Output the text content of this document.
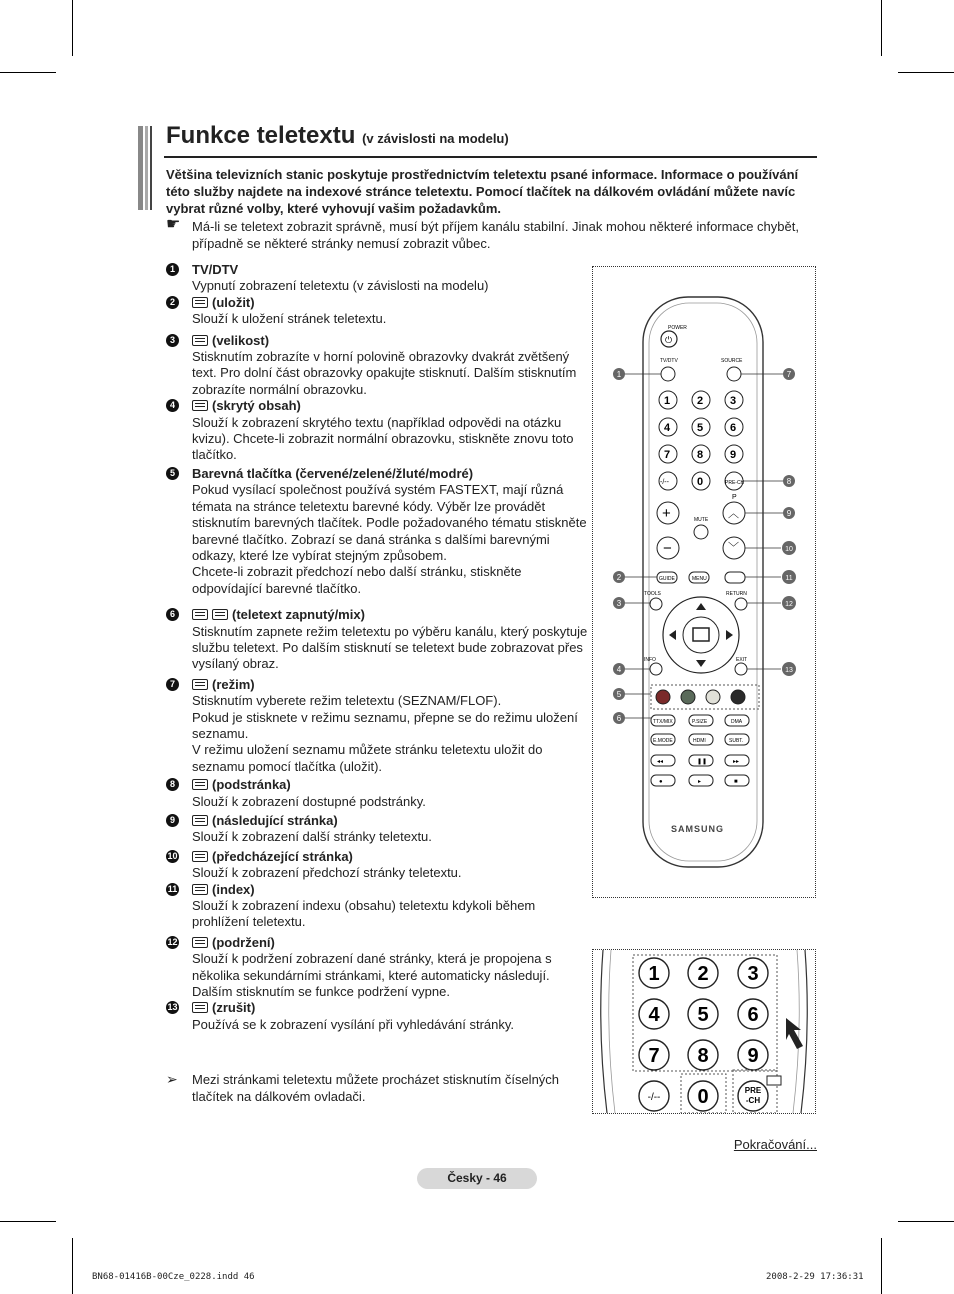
Funkce teletextu (v závislosti na modelu)
Většina televizních stanic poskytuje prostřednictvím teletextu psané informace. Informace o používání této služby najdete na indexové stránce teletextu. Pomocí tlačítek na dálkovém ovládání můžete navíc vybrat různé volby, které vyhovují vašim požadavkům.
☛ Má-li se teletext zobrazit správně, musí být příjem kanálu stabilní. Jinak mohou některé informace chybět, případně se některé stránky nemusí zobrazit vůbec.
1	TV/DTV
Vypnutí zobrazení teletextu (v závislosti na modelu)
2	(uložit)
Slouží k uložení stránek teletextu.
3	(velikost)
Stisknutím zobrazíte v horní polovině obrazovky dvakrát zvětšený text. Pro dolní část obrazovky opakujte stisknutí. Dalším stisknutím zobrazíte normální obrazovku.
4	(skrytý obsah)
Slouží k zobrazení skrytého textu (například odpovědi na otázku kvizu). Chcete-li zobrazit normální obrazovku, stiskněte znovu toto tlačítko.
5	Barevná tlačítka (červené/zelené/žluté/modré)
Pokud vysílací společnost používá systém FASTEXT, mají různá témata na stránce teletextu barevné kódy. Výběr lze provádět stisknutím barevných tlačítek. Podle požadovaného tématu stiskněte barevné tlačítko. Zobrazí se daná stránka s dalšími barevnými odkazy, které lze vybírat stejným způsobem.
Chcete-li zobrazit předchozí nebo další stránku, stiskněte odpovídající barevné tlačítko.
6	(teletext zapnutý/mix)
Stisknutím zapnete režim teletextu po výběru kanálu, který poskytuje službu teletext. Po dalším stisknutí se teletext bude zobrazovat přes vysílaný obraz.
7	(režim)
Stisknutím vyberete režim teletextu (SEZNAM/FLOF).
Pokud je stisknete v režimu seznamu, přepne se do režimu uložení seznamu.
V režimu uložení seznamu můžete stránku teletextu uložit do seznamu pomocí tlačítka (uložit).
8	(podstránka)
Slouží k zobrazení dostupné podstránky.
9	(následující stránka)
Slouží k zobrazení další stránky teletextu.
10	(předcházející stránka)
Slouží k zobrazení předchozí stránky teletextu.
11	(index)
Slouží k zobrazení indexu (obsahu) teletextu kdykoli během prohlížení teletextu.
12	(podržení)
Slouží k podržení zobrazení dané stránky, která je propojena s několika sekundárními stránkami, které automaticky následují. Dalším stisknutím se funkce podržení vypne.
13	(zrušit)
Používá se k zobrazení vysílání při vyhledávání stránky.
➢ Mezi stránkami teletextu můžete procházet stisknutím číselných tlačítek na dálkovém ovladači.
POWER
⏻
TV/DTV	SOURCE
1 2 3
4 5 6
7 8 9
-/--	0	PRE-CH
+
−
MUTE
P
︿
﹀
GUIDE	MENU
TOOLS	RETURN
INFO	EXIT
TTX/MIX	P.SIZE	DMA
E.MODE	HDMI	SUBT.
◂◂	❚❚	▸▸
●	▸	■
SAMSUNG
1
2
3
4
5
6
7
8
9
10
11
12
13
1 2 3
4 5 6
7 8 9
-/-- 0	PRE
-CH
Pokračování...
Česky - 46
BN68-01416B-00Cze_0228.indd 46	2008-2-29 17:36:31
